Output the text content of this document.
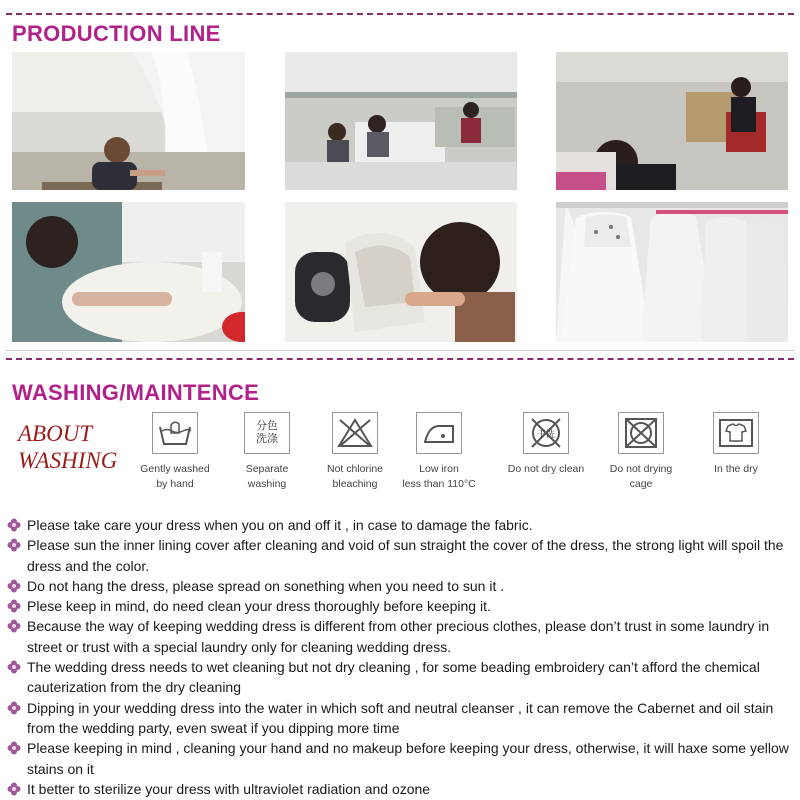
PRODUCTION LINE
WASHING/MAINTENCE
ABOUT
WASHING	Gently washed
by hand
分色
洗涤
Separate washing
Not chlorine
bleaching
Low iron
less than 110°C
干洗
Do not dry clean	Do not drying cage
In the dry
Please take care your dress when you on and off it , in case to damage the fabric.
Please sun the inner lining cover after cleaning and void of sun straight the cover of the dress, the strong light will spoil the dress and the color.
Do not hang the dress, please spread on sonething when you need to sun it .
Plese keep in mind, do need clean your dress thoroughly before keeping it.
Because the way of keeping wedding dress is different from other precious clothes, please don’t trust in some laundry in street or trust with a special laundry only for cleaning wedding dress.
The wedding dress needs to wet cleaning but not dry cleaning , for some beading embroidery can’t afford the chemical cauterization from the dry cleaning
Dipping in your wedding dress into the water in which soft and neutral cleanser , it can remove the Cabernet and oil stain from the wedding party, even sweat if you dipping more time
Please keeping in mind , cleaning your hand and no makeup before keeping your dress, otherwise, it will haxe some yellow stains on it
It better to sterilize your dress with ultraviolet radiation and ozone
